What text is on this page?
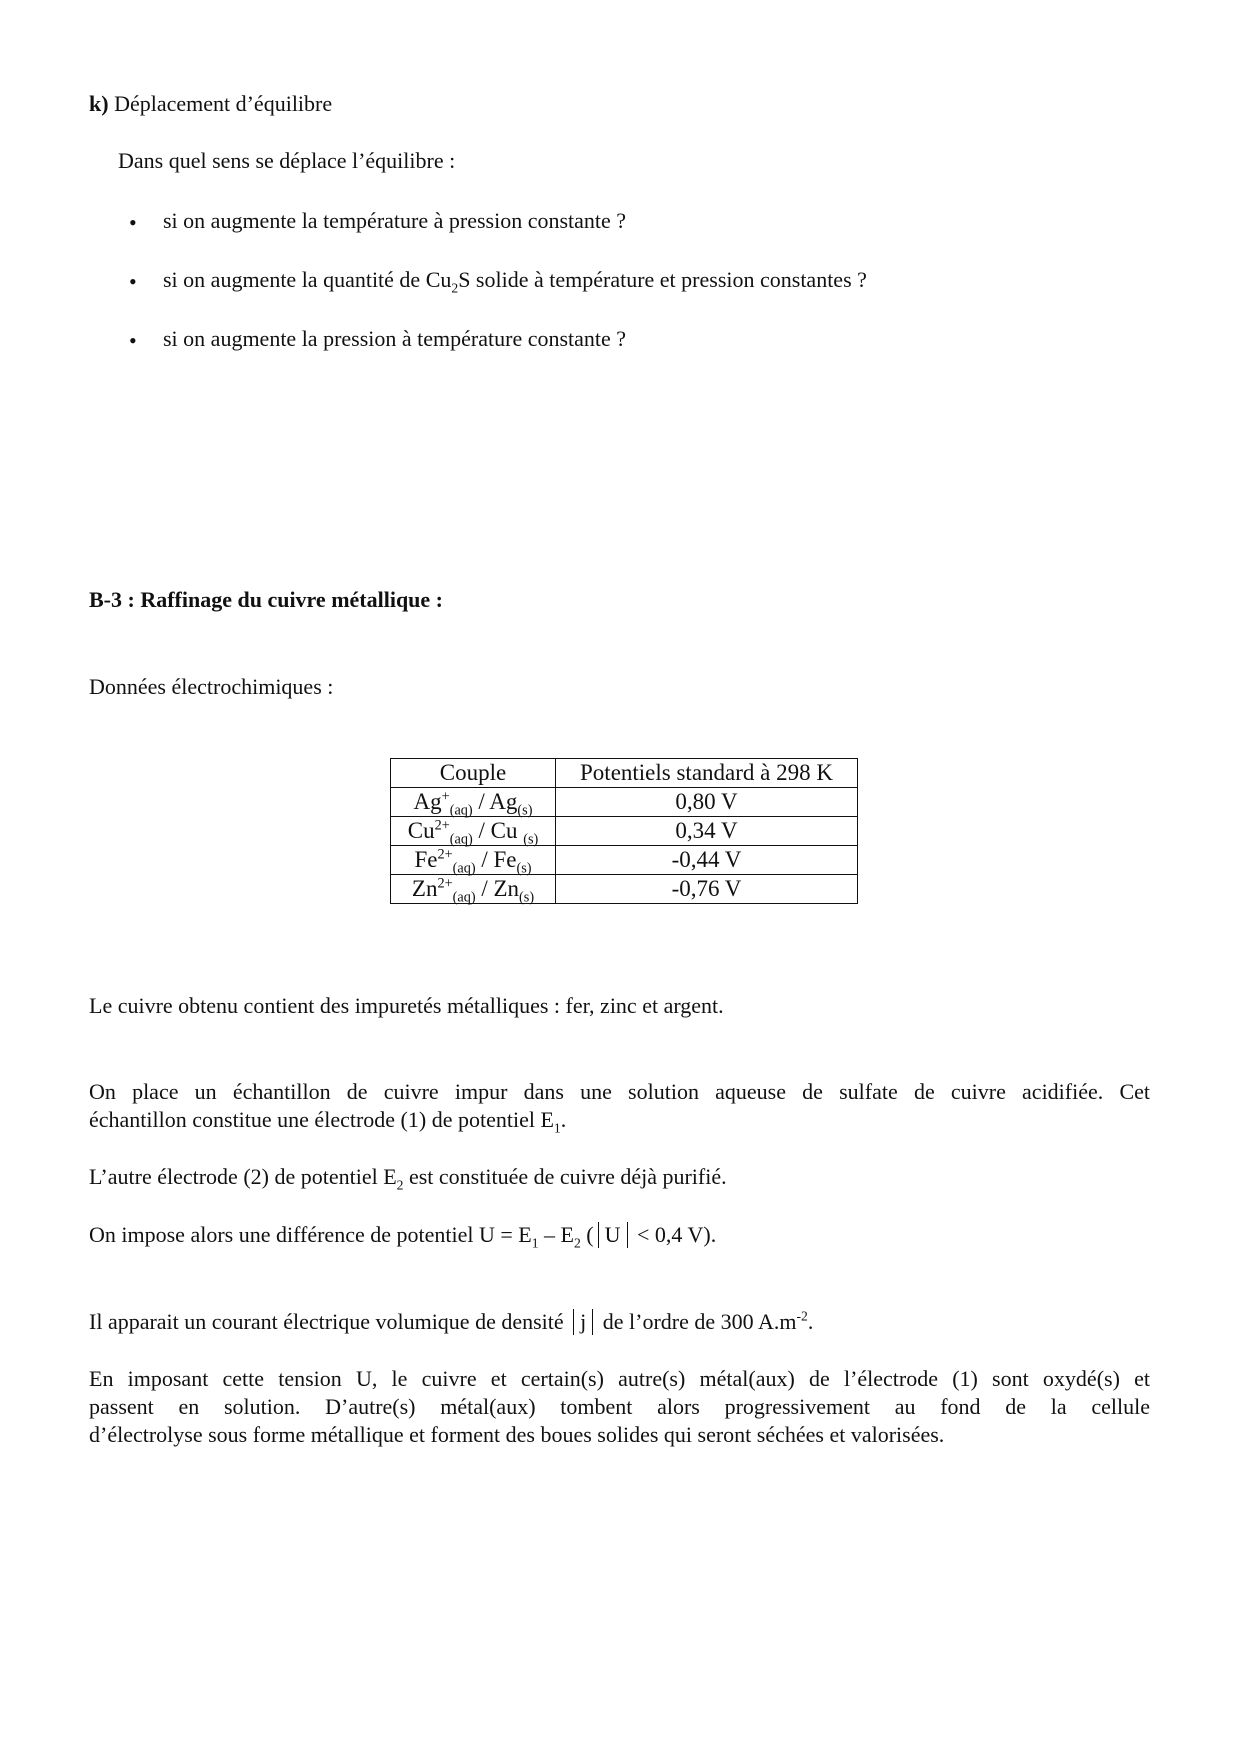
k) Déplacement d’équilibre
Dans quel sens se déplace l’équilibre :
• si on augmente la température à pression constante ?
• si on augmente la quantité de $Cu_2S$ solide à température et pression constantes ?
• si on augmente la pression à température constante ?
B-3 : Raffinage du cuivre métallique :
Données électrochimiques :
Couple	Potentiels standard à 298 K
$Ag^+_{(aq)} / Ag_{(s)}$	0,80 V
$Cu^{2+}_{(aq)}$ / Cu $_{(s)}$	0,34 V
$Fe^{2+}_{(aq)} / Fe_{(s)}$	-0,44 V
$Zn^{2+}_{(aq)} / Zn_{(s)}$	-0,76 V
Le cuivre obtenu contient des impuretés métalliques : fer, zinc et argent.
On place un échantillon de cuivre impur dans une solution aqueuse de sulfate de cuivre acidifiée. Cet
échantillon constitue une électrode (1) de potentiel $E_1$.
L’autre électrode (2) de potentiel $E_2$ est constituée de cuivre déjà purifié.
On impose alors une différence de potentiel $U = E_1 - E_2$ ( U < 0,4 V).
Il apparait un courant électrique volumique de densité j de l’ordre de 300 $A.m^{-2}$.
En imposant cette tension U, le cuivre et certain(s) autre(s) métal(aux) de l’électrode (1) sont oxydé(s) et
passent en solution. D’autre(s) métal(aux) tombent alors progressivement au fond de la cellule
d’électrolyse sous forme métallique et forment des boues solides qui seront séchées et valorisées.
